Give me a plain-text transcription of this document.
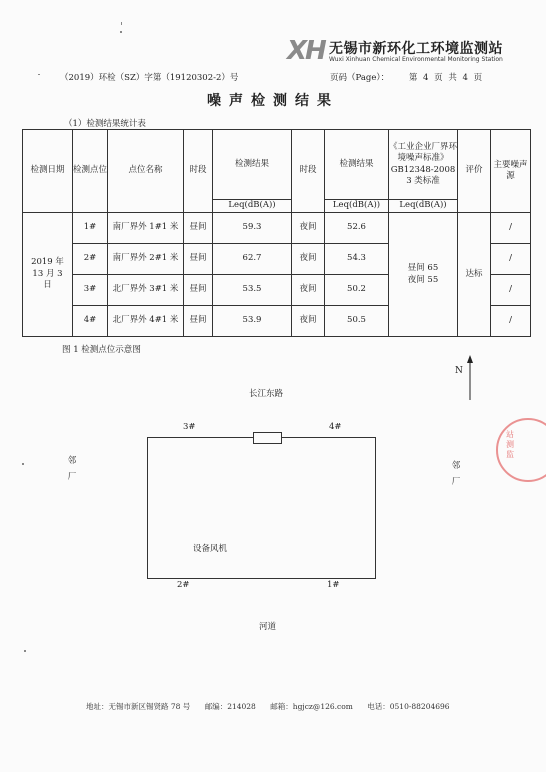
XH 无锡市新环化工环境监测站
Wuxi Xinhuan Chemical Environmental Monitoring Station
（2019）环检（SZ）字第（19120302-2）号	页码（Page）： 第 4 页 共 4 页
噪声检测结果
（1）检测结果统计表
检测日期	检测点位	点位名称	时段	检测结果	时段	检测结果	《工业企业厂界环境噪声标准》GB12348-2008 3 类标准	评价	主要噪声源
				Leq(dB(A))		Leq(dB(A))	Leq(dB(A))		
2019 年 13 月 3 日	1#	南厂界外 1#1 米	昼间	59.3	夜间	52.6	昼间 65
夜间 55	达标	/
	2#	南厂界外 2#1 米	昼间	62.7	夜间	54.3			/
	3#	北厂界外 3#1 米	昼间	53.5	夜间	50.2			/
	4#	北厂界外 4#1 米	昼间	53.9	夜间	50.5			/
图 1 检测点位示意图
N
长江东路
邻厂
邻厂
设备风机
3#	4#
2#	1#
河道
站测监
地址：无锡市新区锡贤路 78 号 邮编：214028 邮箱：hgjcz@126.com 电话：0510-88204696
